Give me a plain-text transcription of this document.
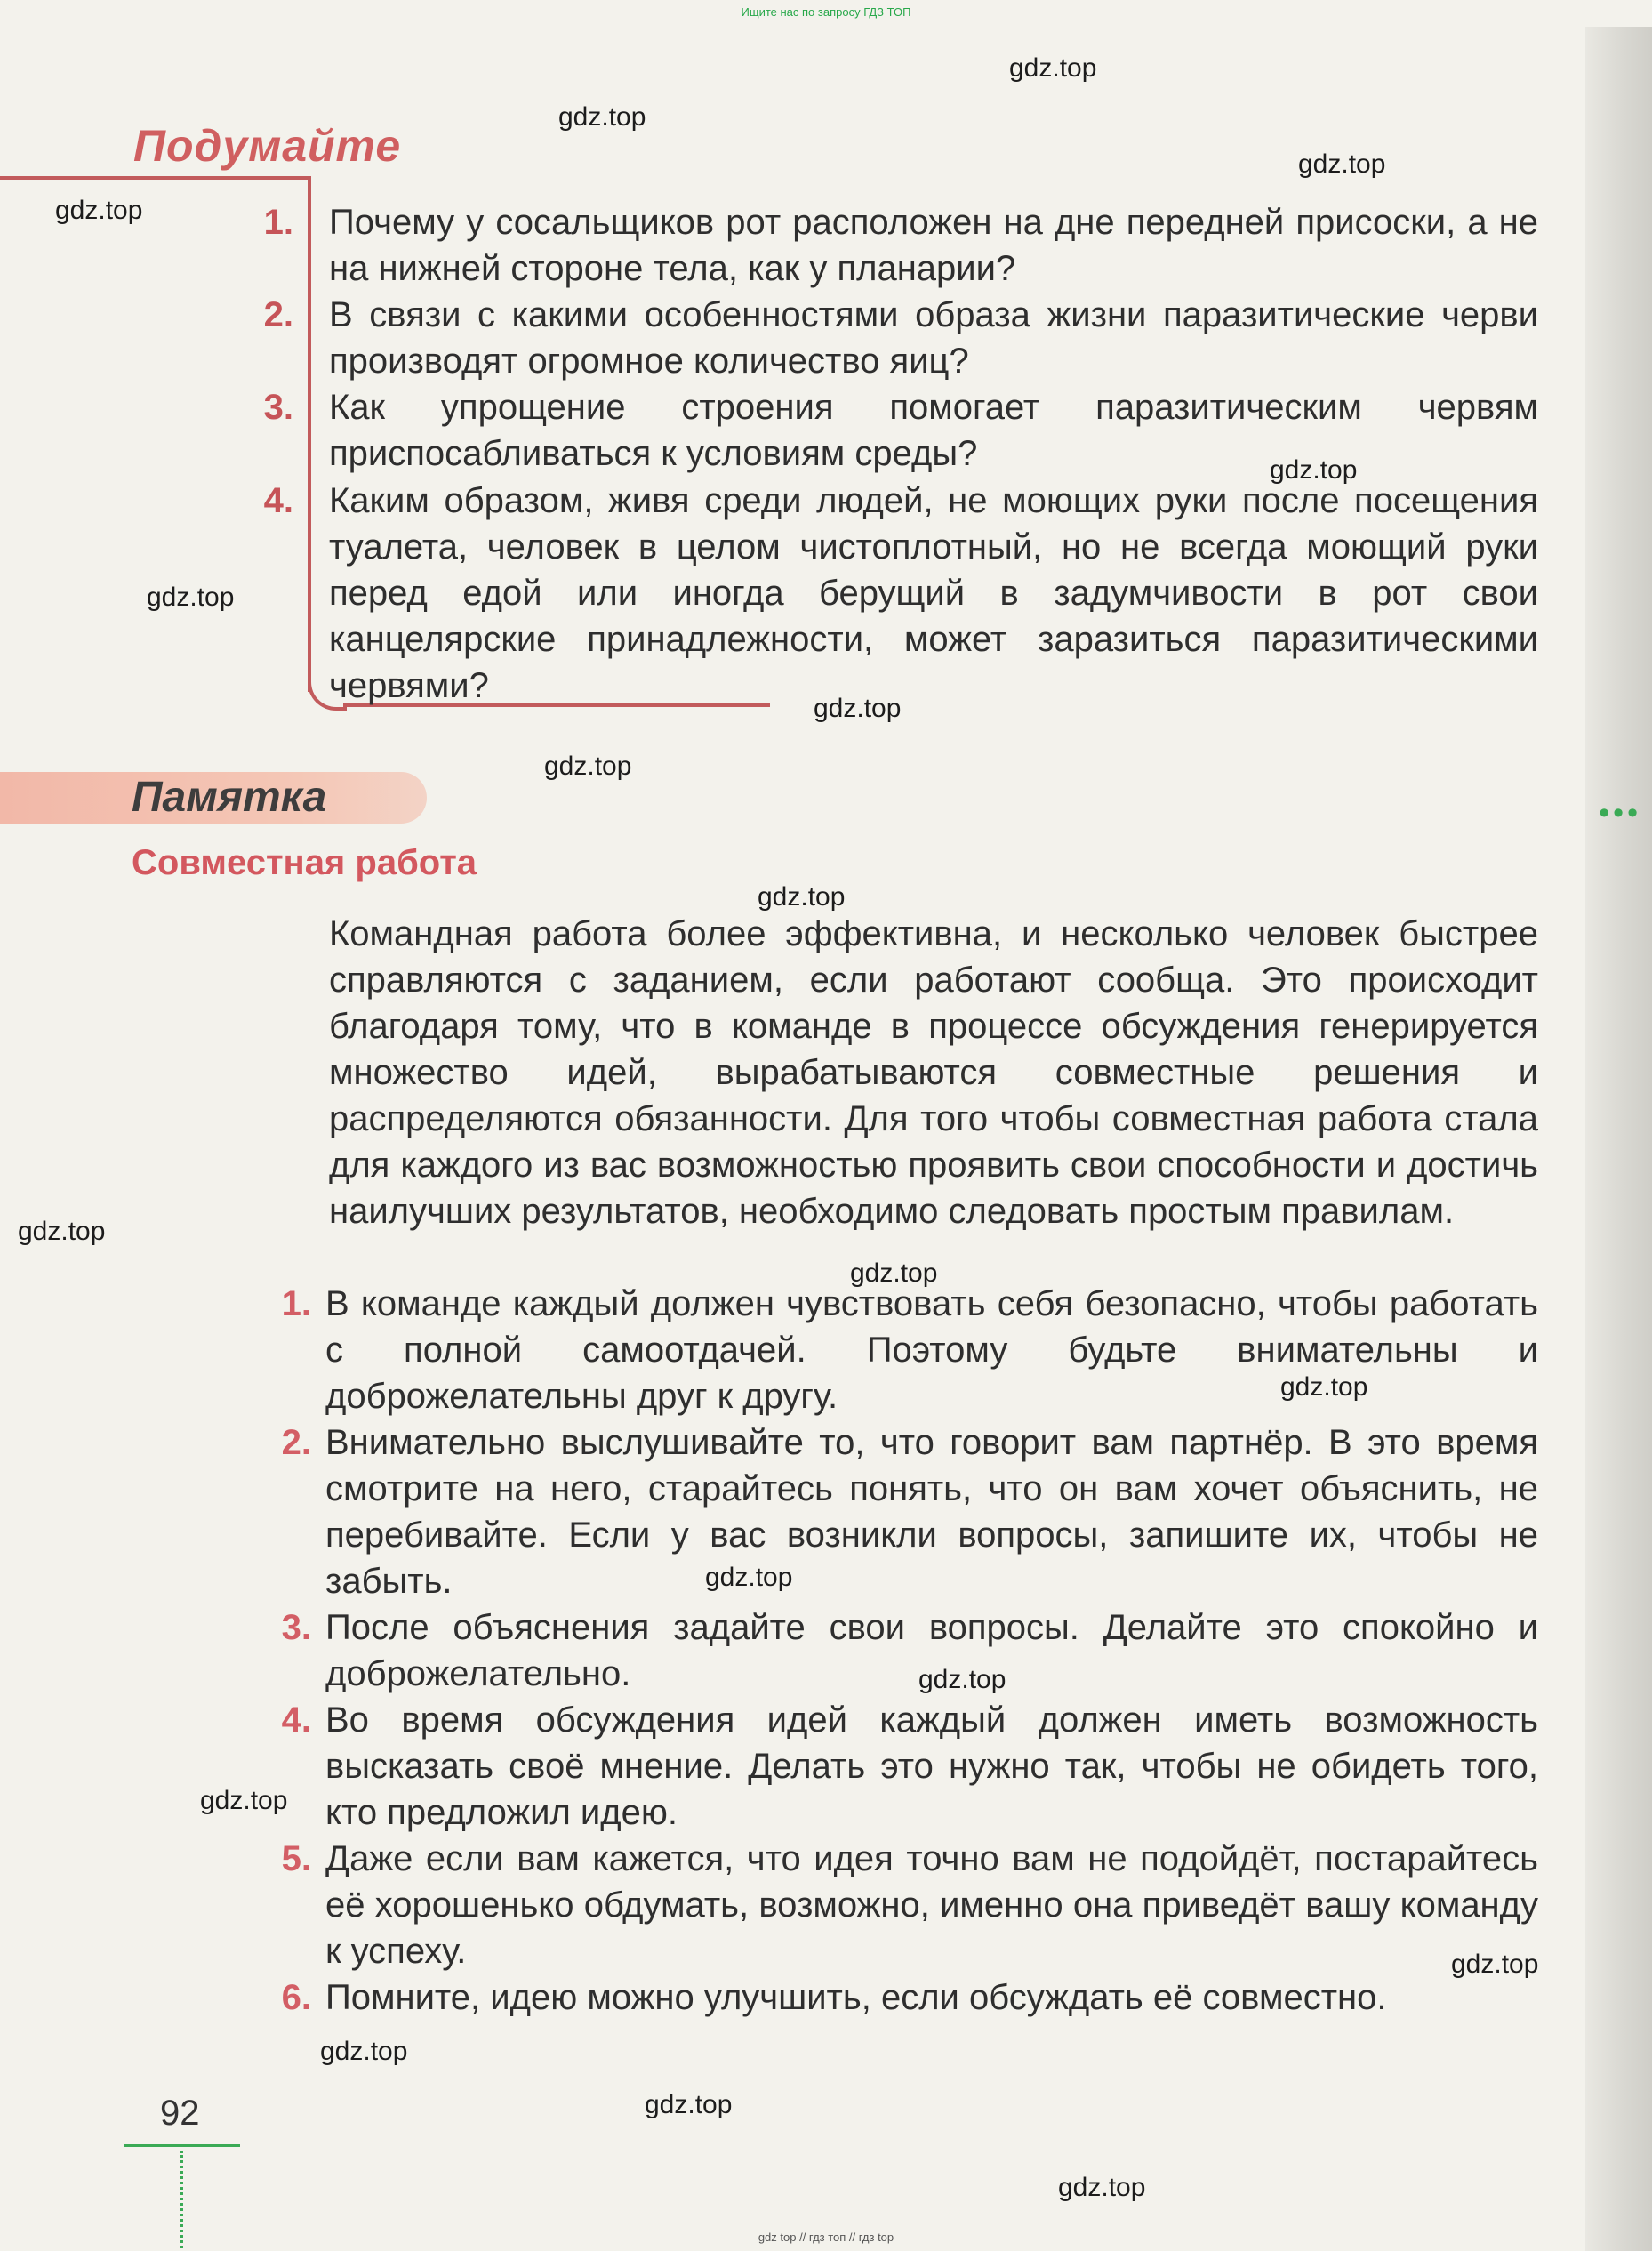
Ищите нас по запросу ГДЗ ТОП
•••
gdz.top
gdz.top
gdz.top
gdz.top
gdz.top
gdz.top
gdz.top
gdz.top
gdz.top
gdz.top
gdz.top
gdz.top
gdz.top
gdz.top
gdz.top
gdz.top
gdz.top
gdz.top
gdz.top
Подумайте
1. Почему у сосальщиков рот расположен на дне передней присоски, а не на нижней стороне тела, как у планарии?
2. В связи с какими особенностями образа жизни паразитические черви производят огромное количество яиц?
3. Как упрощение строения помогает паразитическим червям приспосабливаться к условиям среды?
4. Каким образом, живя среди людей, не моющих руки после посещения туалета, человек в целом чистоплотный, но не всегда моющий руки перед едой или иногда берущий в задумчивости в рот свои канцелярские принадлежности, может заразиться паразитическими червями?
Памятка
Совместная работа
Командная работа более эффективна, и несколько человек быстрее справляются с заданием, если работают сообща. Это происходит благодаря тому, что в команде в процессе обсуждения генерируется множество идей, вырабатываются совместные решения и распределяются обязанности. Для того чтобы совместная работа стала для каждого из вас возможностью проявить свои способности и достичь наилучших результатов, необходимо следовать простым правилам.
1. В команде каждый должен чувствовать себя безопасно, чтобы работать с полной самоотдачей. Поэтому будьте внимательны и доброжелательны друг к другу.
2. Внимательно выслушивайте то, что говорит вам партнёр. В это время смотрите на него, старайтесь понять, что он вам хочет объяснить, не перебивайте. Если у вас возникли вопросы, запишите их, чтобы не забыть.
3. После объяснения задайте свои вопросы. Делайте это спокойно и доброжелательно.
4. Во время обсуждения идей каждый должен иметь возможность высказать своё мнение. Делать это нужно так, чтобы не обидеть того, кто предложил идею.
5. Даже если вам кажется, что идея точно вам не подойдёт, постарайтесь её хорошенько обдумать, возможно, именно она приведёт вашу команду к успеху.
6. Помните, идею можно улучшить, если обсуждать её совместно.
92
gdz top // гдз топ // гдз top
